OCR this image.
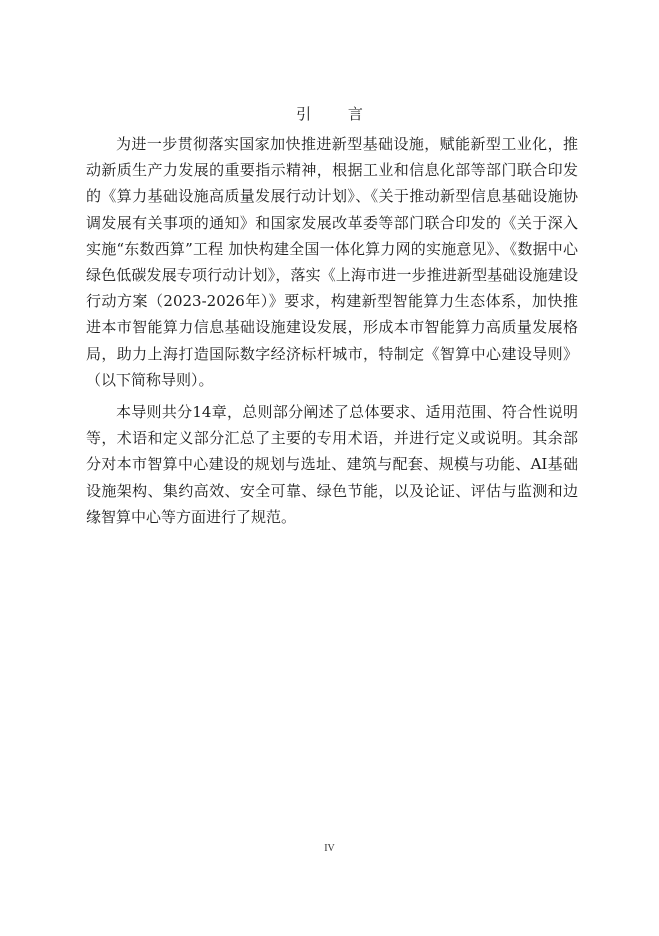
引 言

为进一步贯彻落实国家加快推进新型基础设施，赋能新型工业化，推动新质生产力发展的重要指示精神，根据工业和信息化部等部门联合印发的《算力基础设施高质量发展行动计划》、《关于推动新型信息基础设施协调发展有关事项的通知》和国家发展改革委等部门联合印发的《关于深入实施“东数西算”工程 加快构建全国一体化算力网的实施意见》、《数据中心绿色低碳发展专项行动计划》，落实《上海市进一步推进新型基础设施建设行动方案（2023-2026年）》要求，构建新型智能算力生态体系，加快推进本市智能算力信息基础设施建设发展，形成本市智能算力高质量发展格局，助力上海打造国际数字经济标杆城市，特制定《智算中心建设导则》（以下简称导则）。

本导则共分14章，总则部分阐述了总体要求、适用范围、符合性说明等，术语和定义部分汇总了主要的专用术语，并进行定义或说明。其余部分对本市智算中心建设的规划与选址、建筑与配套、规模与功能、AI基础设施架构、集约高效、安全可靠、绿色节能，以及论证、评估与监测和边缘智算中心等方面进行了规范。

IV
